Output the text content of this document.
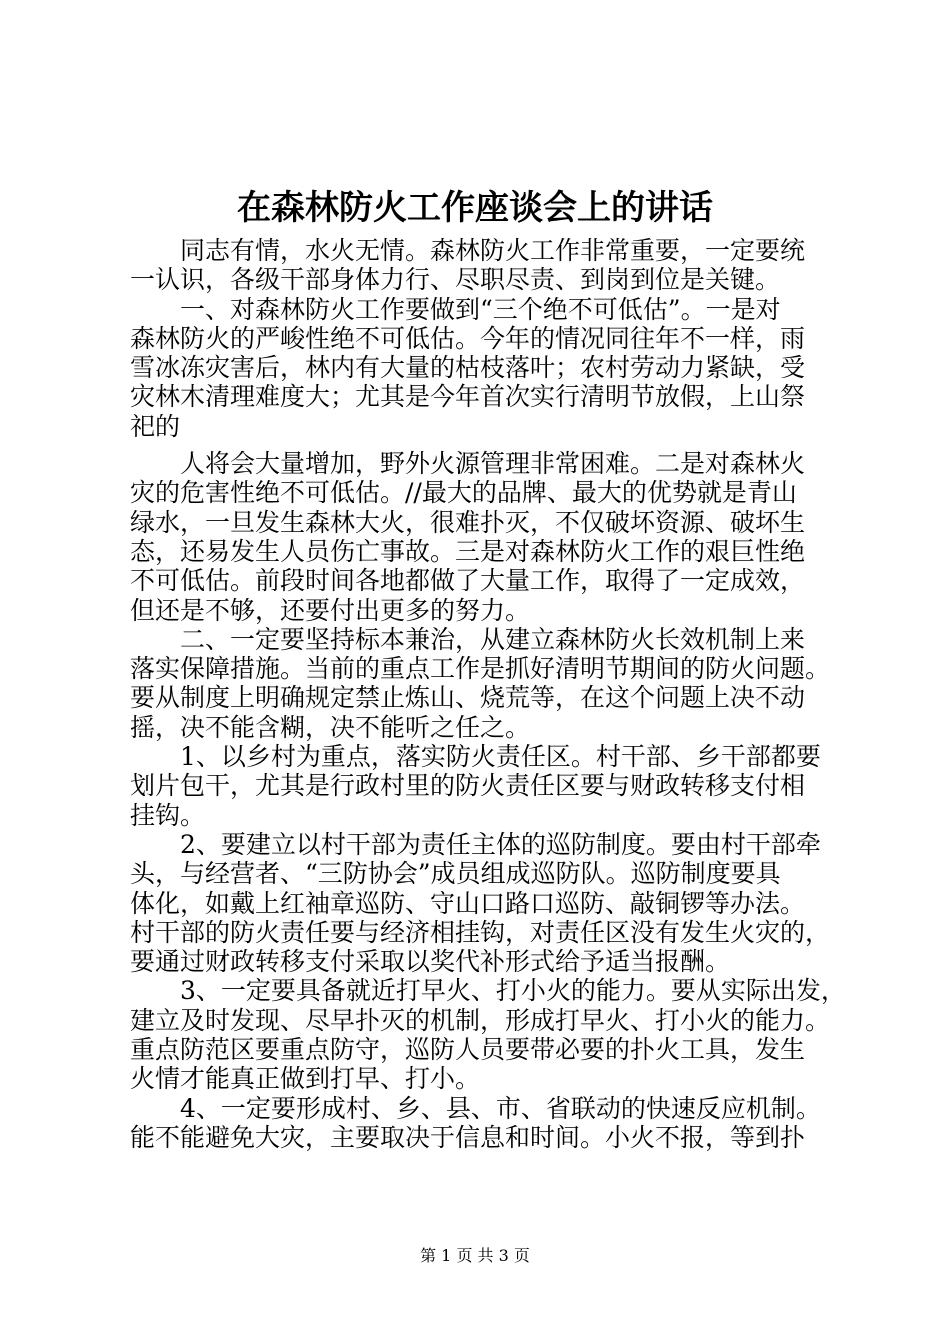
在森林防火工作座谈会上的讲话
　　同志有情，水火无情。森林防火工作非常重要，一定要统
一认识，各级干部身体力行、尽职尽责、到岗到位是关键。
　　一、对森林防火工作要做到“三个绝不可低估”。一是对
森林防火的严峻性绝不可低估。今年的情况同往年不一样，雨
雪冰冻灾害后，林内有大量的枯枝落叶；农村劳动力紧缺，受
灾林木清理难度大；尤其是今年首次实行清明节放假，上山祭
祀的
　　人将会大量增加，野外火源管理非常困难。二是对森林火
灾的危害性绝不可低估。//最大的品牌、最大的优势就是青山
绿水，一旦发生森林大火，很难扑灭，不仅破坏资源、破坏生
态，还易发生人员伤亡事故。三是对森林防火工作的艰巨性绝
不可低估。前段时间各地都做了大量工作，取得了一定成效，
但还是不够，还要付出更多的努力。
　　二、一定要坚持标本兼治，从建立森林防火长效机制上来
落实保障措施。当前的重点工作是抓好清明节期间的防火问题。
要从制度上明确规定禁止炼山、烧荒等，在这个问题上决不动
摇，决不能含糊，决不能听之任之。
　　1、以乡村为重点，落实防火责任区。村干部、乡干部都要
划片包干，尤其是行政村里的防火责任区要与财政转移支付相
挂钩。
　　2、要建立以村干部为责任主体的巡防制度。要由村干部牵
头，与经营者、“三防协会”成员组成巡防队。巡防制度要具
体化，如戴上红袖章巡防、守山口路口巡防、敲铜锣等办法。
村干部的防火责任要与经济相挂钩，对责任区没有发生火灾的，
要通过财政转移支付采取以奖代补形式给予适当报酬。
　　3、一定要具备就近打早火、打小火的能力。要从实际出发，
建立及时发现、尽早扑灭的机制，形成打早火、打小火的能力。
重点防范区要重点防守，巡防人员要带必要的扑火工具，发生
火情才能真正做到打早、打小。
　　4、一定要形成村、乡、县、市、省联动的快速反应机制。
能不能避免大灾，主要取决于信息和时间。小火不报，等到扑
第 1 页 共 3 页
